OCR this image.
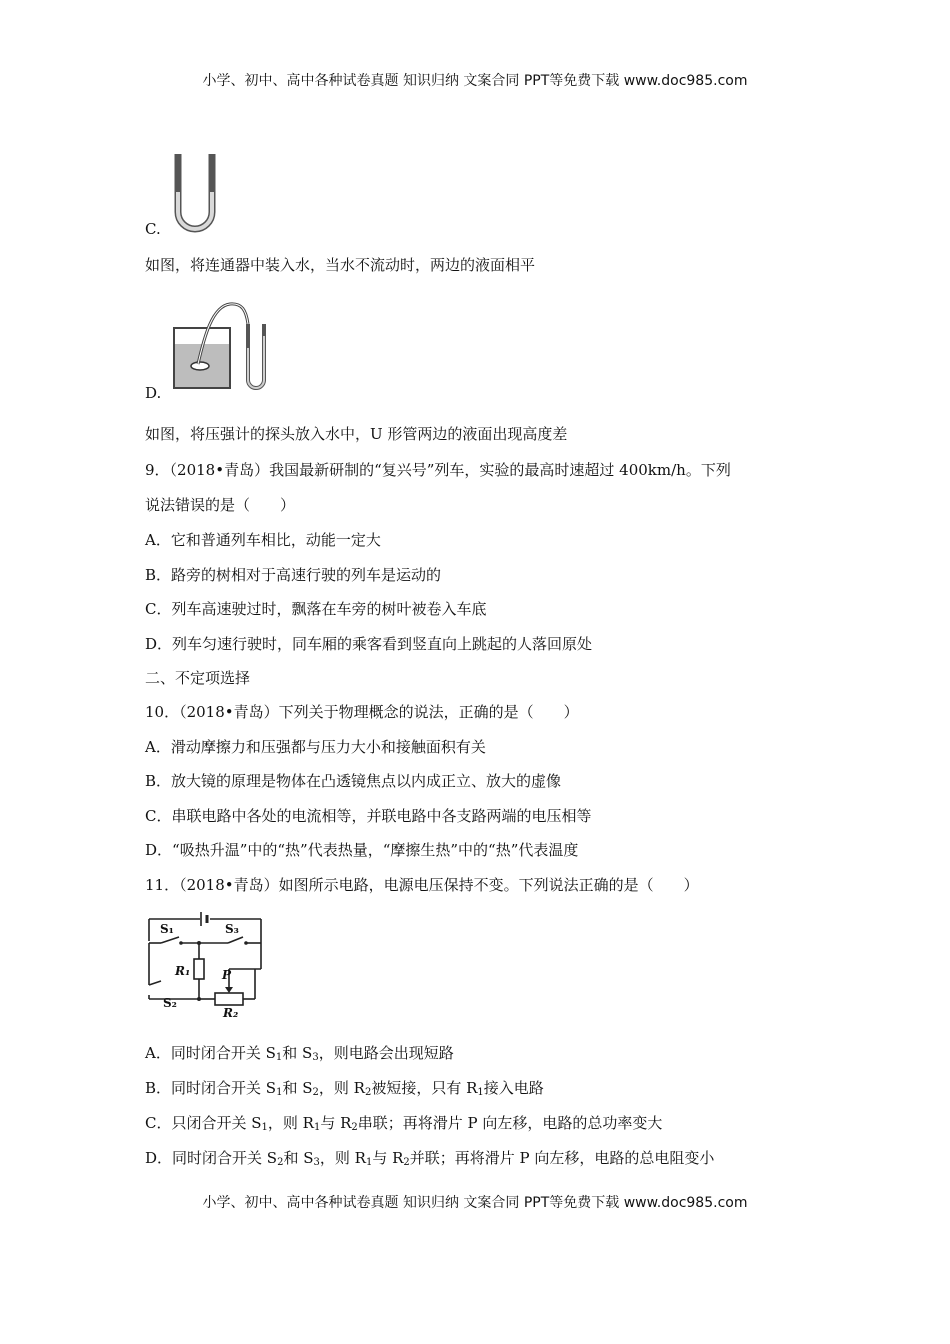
小学、初中、高中各种试卷真题 知识归纳 文案合同 PPT等免费下载 www.doc985.com
C.
如图，将连通器中装入水，当水不流动时，两边的液面相平
D.
如图，将压强计的探头放入水中，U 形管两边的液面出现高度差
9．（2018•青岛）我国最新研制的“复兴号”列车，实验的最高时速超过 400km/h。下列
说法错误的是（　　）
A．它和普通列车相比，动能一定大
B．路旁的树相对于高速行驶的列车是运动的
C．列车高速驶过时，飘落在车旁的树叶被卷入车底
D．列车匀速行驶时，同车厢的乘客看到竖直向上跳起的人落回原处
二、不定项选择
10．（2018•青岛）下列关于物理概念的说法，正确的是（　　）
A．滑动摩擦力和压强都与压力大小和接触面积有关
B．放大镜的原理是物体在凸透镜焦点以内成正立、放大的虚像
C．串联电路中各处的电流相等，并联电路中各支路两端的电压相等
D．“吸热升温”中的“热”代表热量，“摩擦生热”中的“热”代表温度
11．（2018•青岛）如图所示电路，电源电压保持不变。下列说法正确的是（　　）
S₁	S₃
R₁	P
S₂
R₂
A．同时闭合开关 $S_1$和 $S_3$，则电路会出现短路
B．同时闭合开关 $S_1$和 $S_2$，则 $R_2$被短接，只有 $R_1$接入电路
C．只闭合开关 $S_1$，则 $R_1$与 $R_2$串联；再将滑片 P 向左移，电路的总功率变大
D．同时闭合开关 $S_2$和 $S_3$，则 $R_1$与 $R_2$并联；再将滑片 P 向左移，电路的总电阻变小
小学、初中、高中各种试卷真题 知识归纳 文案合同 PPT等免费下载 www.doc985.com
